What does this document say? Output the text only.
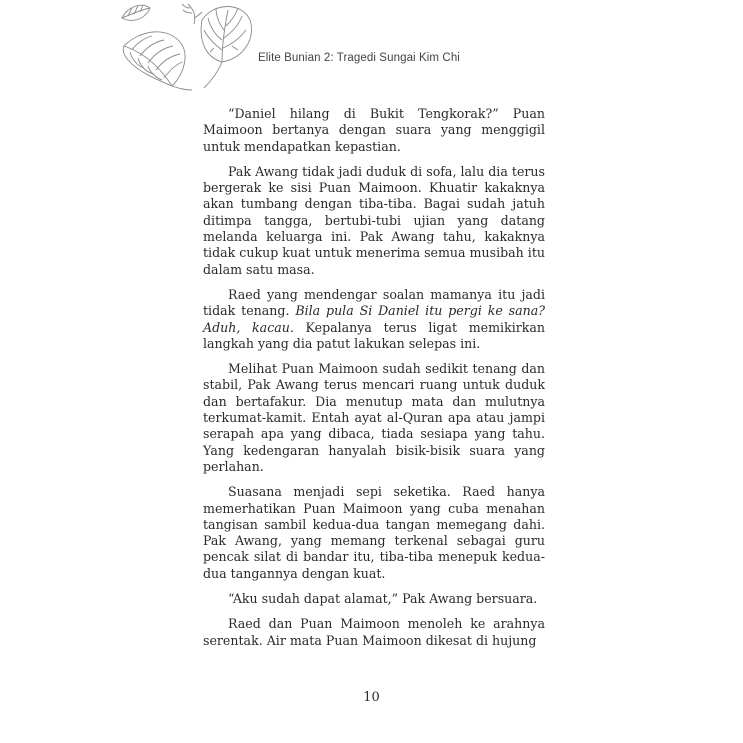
Elite Bunian 2: Tragedi Sungai Kim Chi

“Daniel hilang di Bukit Tengkorak?” Puan Maimoon bertanya dengan suara yang menggigil untuk mendapatkan kepastian.

Pak Awang tidak jadi duduk di sofa, lalu dia terus bergerak ke sisi Puan Maimoon. Khuatir kakaknya akan tumbang dengan tiba-tiba. Bagai sudah jatuh ditimpa tangga, bertubi-tubi ujian yang datang melanda keluarga ini. Pak Awang tahu, kakaknya tidak cukup kuat untuk menerima semua musibah itu dalam satu masa.

Raed yang mendengar soalan mamanya itu jadi tidak tenang. Bila pula Si Daniel itu pergi ke sana? Aduh, kacau. Kepalanya terus ligat memikirkan langkah yang dia patut lakukan selepas ini.

Melihat Puan Maimoon sudah sedikit tenang dan stabil, Pak Awang terus mencari ruang untuk duduk dan bertafakur. Dia menutup mata dan mulutnya terkumat-kamit. Entah ayat al-Quran apa atau jampi serapah apa yang dibaca, tiada sesiapa yang tahu. Yang kedengaran hanyalah bisik-bisik suara yang perlahan.

Suasana menjadi sepi seketika. Raed hanya memerhatikan Puan Maimoon yang cuba menahan tangisan sambil kedua-dua tangan memegang dahi. Pak Awang, yang memang terkenal sebagai guru pencak silat di bandar itu, tiba-tiba menepuk kedua-dua tangannya dengan kuat.

“Aku sudah dapat alamat,” Pak Awang bersuara.

Raed dan Puan Maimoon menoleh ke arahnya serentak. Air mata Puan Maimoon dikesat di hujung

10
